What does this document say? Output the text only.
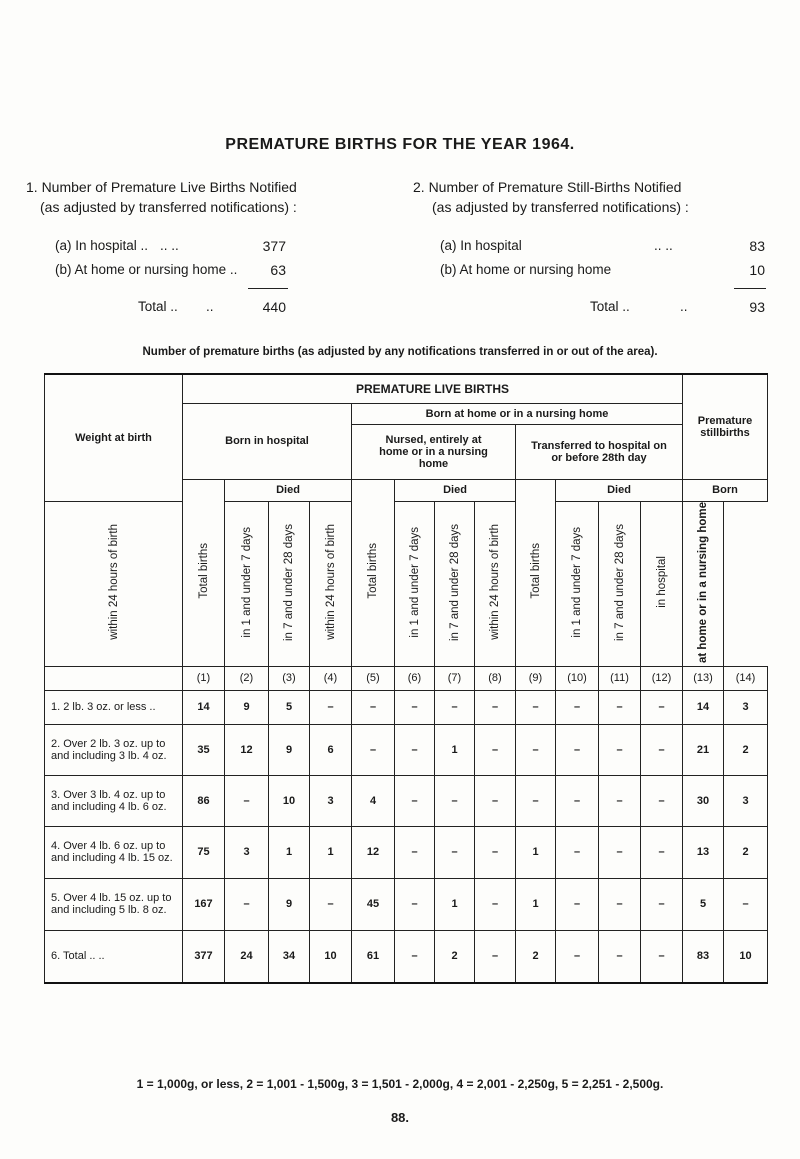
PREMATURE BIRTHS FOR THE YEAR 1964.
1. Number of Premature Live Births Notified
(as adjusted by transferred notifications) :
(a) In hospital .. .. ..	377
(b) At home or nursing home ..	63
Total .. ..	440
2. Number of Premature Still-Births Notified
(as adjusted by transferred notifications) :
(a) In hospital	.. ..	83
(b) At home or nursing home	10
Total ..	..	93
Number of premature births (as adjusted by any notifications transferred in or out of the area).
Weight at birth	PREMATURE LIVE BIRTHS												Premature stillbirths	
	Born in hospital				Born at home or in a nursing home									
					Nursed, entirely at home or in a nursing home				Transferred to hospital on or before 28th day					
	Total births	Died			Total births	Died			Total births	Died			Born	
within 24 hours of birth		in 1 and under 7 days	in 7 and under 28 days	within 24 hours of birth		in 1 and under 7 days	in 7 and under 28 days	within 24 hours of birth		in 1 and under 7 days	in 7 and under 28 days	in hospital	at home or in a nursing home	
	(1)	(2)	(3)	(4)	(5)	(6)	(7)	(8)	(9)	(10)	(11)	(12)	(13)	(14)
1. 2 lb. 3 oz. or less ..	14	9	5	–	–	–	–	–	–	–	–	–	14	3
2. Over 2 lb. 3 oz. up to and including 3 lb. 4 oz.	35	12	9	6	–	–	1	–	–	–	–	–	21	2
3. Over 3 lb. 4 oz. up to and including 4 lb. 6 oz.	86	–	10	3	4	–	–	–	–	–	–	–	30	3
4. Over 4 lb. 6 oz. up to and including 4 lb. 15 oz.	75	3	1	1	12	–	–	–	1	–	–	–	13	2
5. Over 4 lb. 15 oz. up to and including 5 lb. 8 oz.	167	–	9	–	45	–	1	–	1	–	–	–	5	–
6. Total .. ..	377	24	34	10	61	–	2	–	2	–	–	–	83	10
1 = 1,000g, or less, 2 = 1,001 - 1,500g, 3 = 1,501 - 2,000g, 4 = 2,001 - 2,250g, 5 = 2,251 - 2,500g.
88.
